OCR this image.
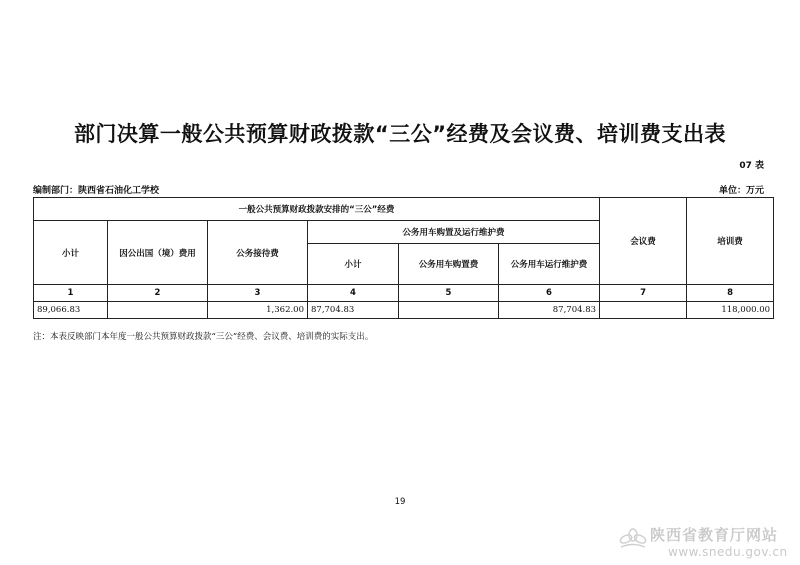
部门决算一般公共预算财政拨款“三公”经费及会议费、培训费支出表
07 表
编制部门：陕西省石油化工学校	单位：万元
一般公共预算财政拨款安排的“三公”经费						会议费	培训费
小计	因公出国（境）费用	公务接待费	公务用车购置及运行维护费				
			小计	公务用车购置费	公务用车运行维护费		
1	2	3	4	5	6	7	8
89,066.83		1,362.00	87,704.83		87,704.83		118,000.00
注：本表反映部门本年度一般公共预算财政拨款“三公”经费、会议费、培训费的实际支出。
19
陕西省教育厅网站
www.snedu.gov.cn
